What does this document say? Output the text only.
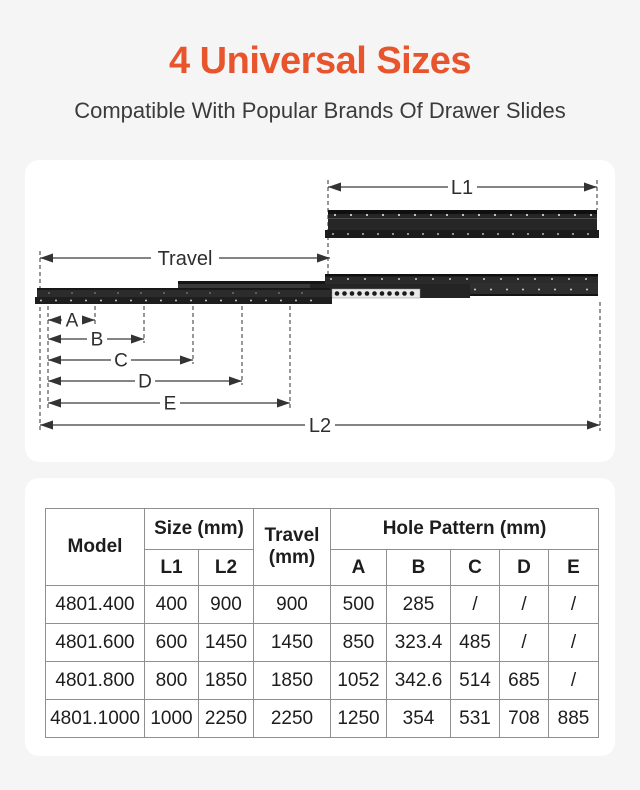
4 Universal Sizes

Compatible With Popular Brands Of Drawer Slides

L1
Travel
L2
A
B
C
D
E
Model	Size (mm)		Travel (mm)	Hole Pattern (mm)				
	L1	L2		A	B	C	D	E
4801.400	400	900	900	500	285	/	/	/
4801.600	600	1450	1450	850	323.4	485	/	/
4801.800	800	1850	1850	1052	342.6	514	685	/
4801.1000	1000	2250	2250	1250	354	531	708	885
